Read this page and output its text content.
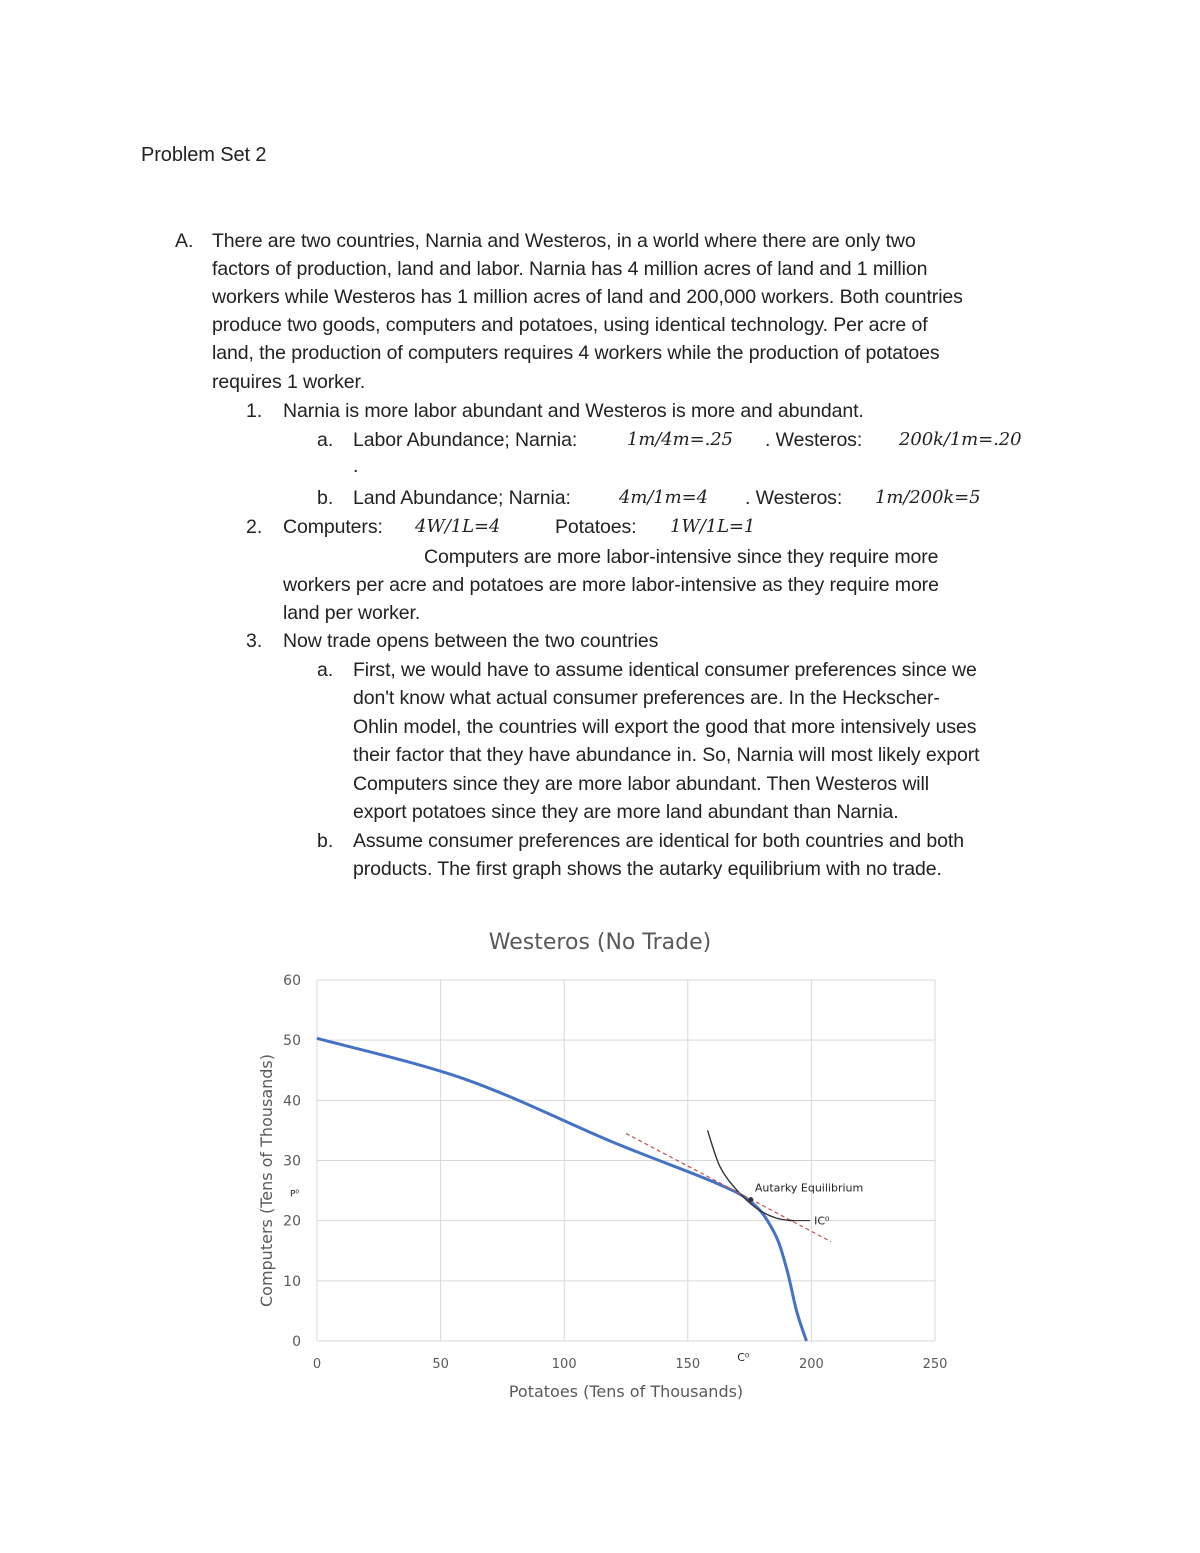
Problem Set 2
A. There are two countries, Narnia and Westeros, in a world where there are only two
factors of production, land and labor. Narnia has 4 million acres of land and 1 million
workers while Westeros has 1 million acres of land and 200,000 workers. Both countries
produce two goods, computers and potatoes, using identical technology. Per acre of
land, the production of computers requires 4 workers while the production of potatoes
requires 1 worker.
1. Narnia is more labor abundant and Westeros is more and abundant.
a. Labor Abundance; Narnia:	1m/4m=.25 . Westeros: 200k/1m=.20
.
b. Land Abundance; Narnia:	4m/1m=4 . Westeros: 1m/200k=5
2. Computers: 4W/1L=4	Potatoes: 1W/1L=1
Computers are more labor-intensive since they require more
workers per acre and potatoes are more labor-intensive as they require more
land per worker.
3. Now trade opens between the two countries
a. First, we would have to assume identical consumer preferences since we
don't know what actual consumer preferences are. In the Heckscher-
Ohlin model, the countries will export the good that more intensively uses
their factor that they have abundance in. So, Narnia will most likely export
Computers since they are more labor abundant. Then Westeros will
export potatoes since they are more land abundant than Narnia.
b. Assume consumer preferences are identical for both countries and both
products. The first graph shows the autarky equilibrium with no trade.
Westeros (No Trade)
0
10
20
30
40
50
60
0	50	100	150	200	250
Computers (Tens of Thousands)
Potatoes (Tens of Thousands)
Autarky Equilibrium
IC⁰
P⁰
C⁰
